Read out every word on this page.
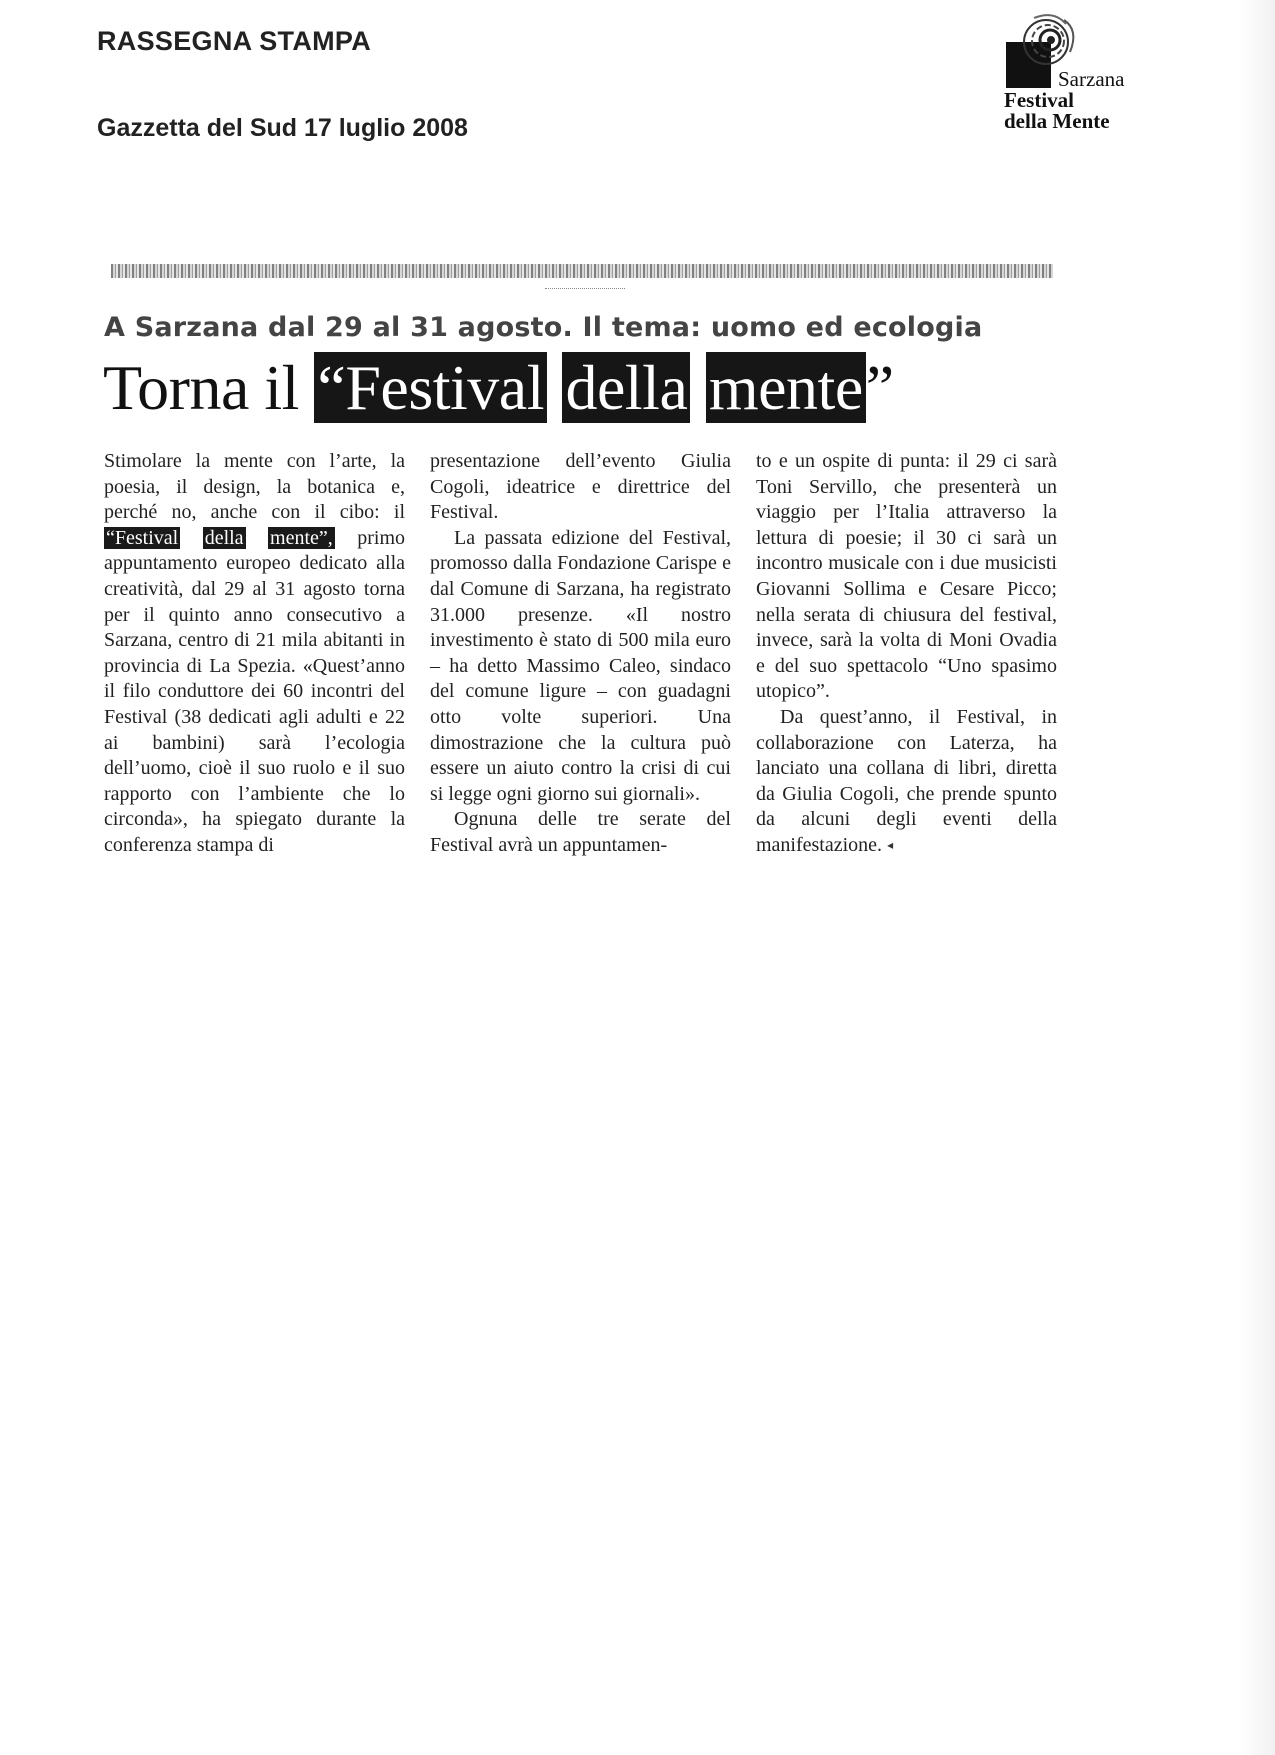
RASSEGNA STAMPA
Gazzetta del Sud 17 luglio 2008
Sarzana
Festival
della Mente
A Sarzana dal 29 al 31 agosto. Il tema: uomo ed ecologia
Torna il “Festival della mente”

Stimolare la mente con l’arte, la poesia, il design, la botanica e, perché no, anche con il cibo: il “Festival della mente”, primo appuntamento europeo dedicato alla creatività, dal 29 al 31 agosto torna per il quinto anno consecutivo a Sarzana, centro di 21 mila abitanti in provincia di La Spezia. «Quest’anno il filo conduttore dei 60 incontri del Festival (38 dedicati agli adulti e 22 ai bambini) sarà l’ecologia dell’uomo, cioè il suo ruolo e il suo rapporto con l’ambiente che lo circonda», ha spiegato durante la conferenza stampa di

presentazione dell’evento Giulia Cogoli, ideatrice e direttrice del Festival.

La passata edizione del Festival, promosso dalla Fondazione Carispe e dal Comune di Sarzana, ha registrato 31.000 presenze. «Il nostro investimento è stato di 500 mila euro – ha detto Massimo Caleo, sindaco del comune ligure – con guadagni otto volte superiori. Una dimostrazione che la cultura può essere un aiuto contro la crisi di cui si legge ogni giorno sui giornali».

Ognuna delle tre serate del Festival avrà un appuntamen-

to e un ospite di punta: il 29 ci sarà Toni Servillo, che presenterà un viaggio per l’Italia attraverso la lettura di poesie; il 30 ci sarà un incontro musicale con i due musicisti Giovanni Sollima e Cesare Picco; nella serata di chiusura del festival, invece, sarà la volta di Moni Ovadia e del suo spettacolo “Uno spasimo utopico”.

Da quest’anno, il Festival, in collaborazione con Laterza, ha lanciato una collana di libri, diretta da Giulia Cogoli, che prende spunto da alcuni degli eventi della manifestazione. ◂
